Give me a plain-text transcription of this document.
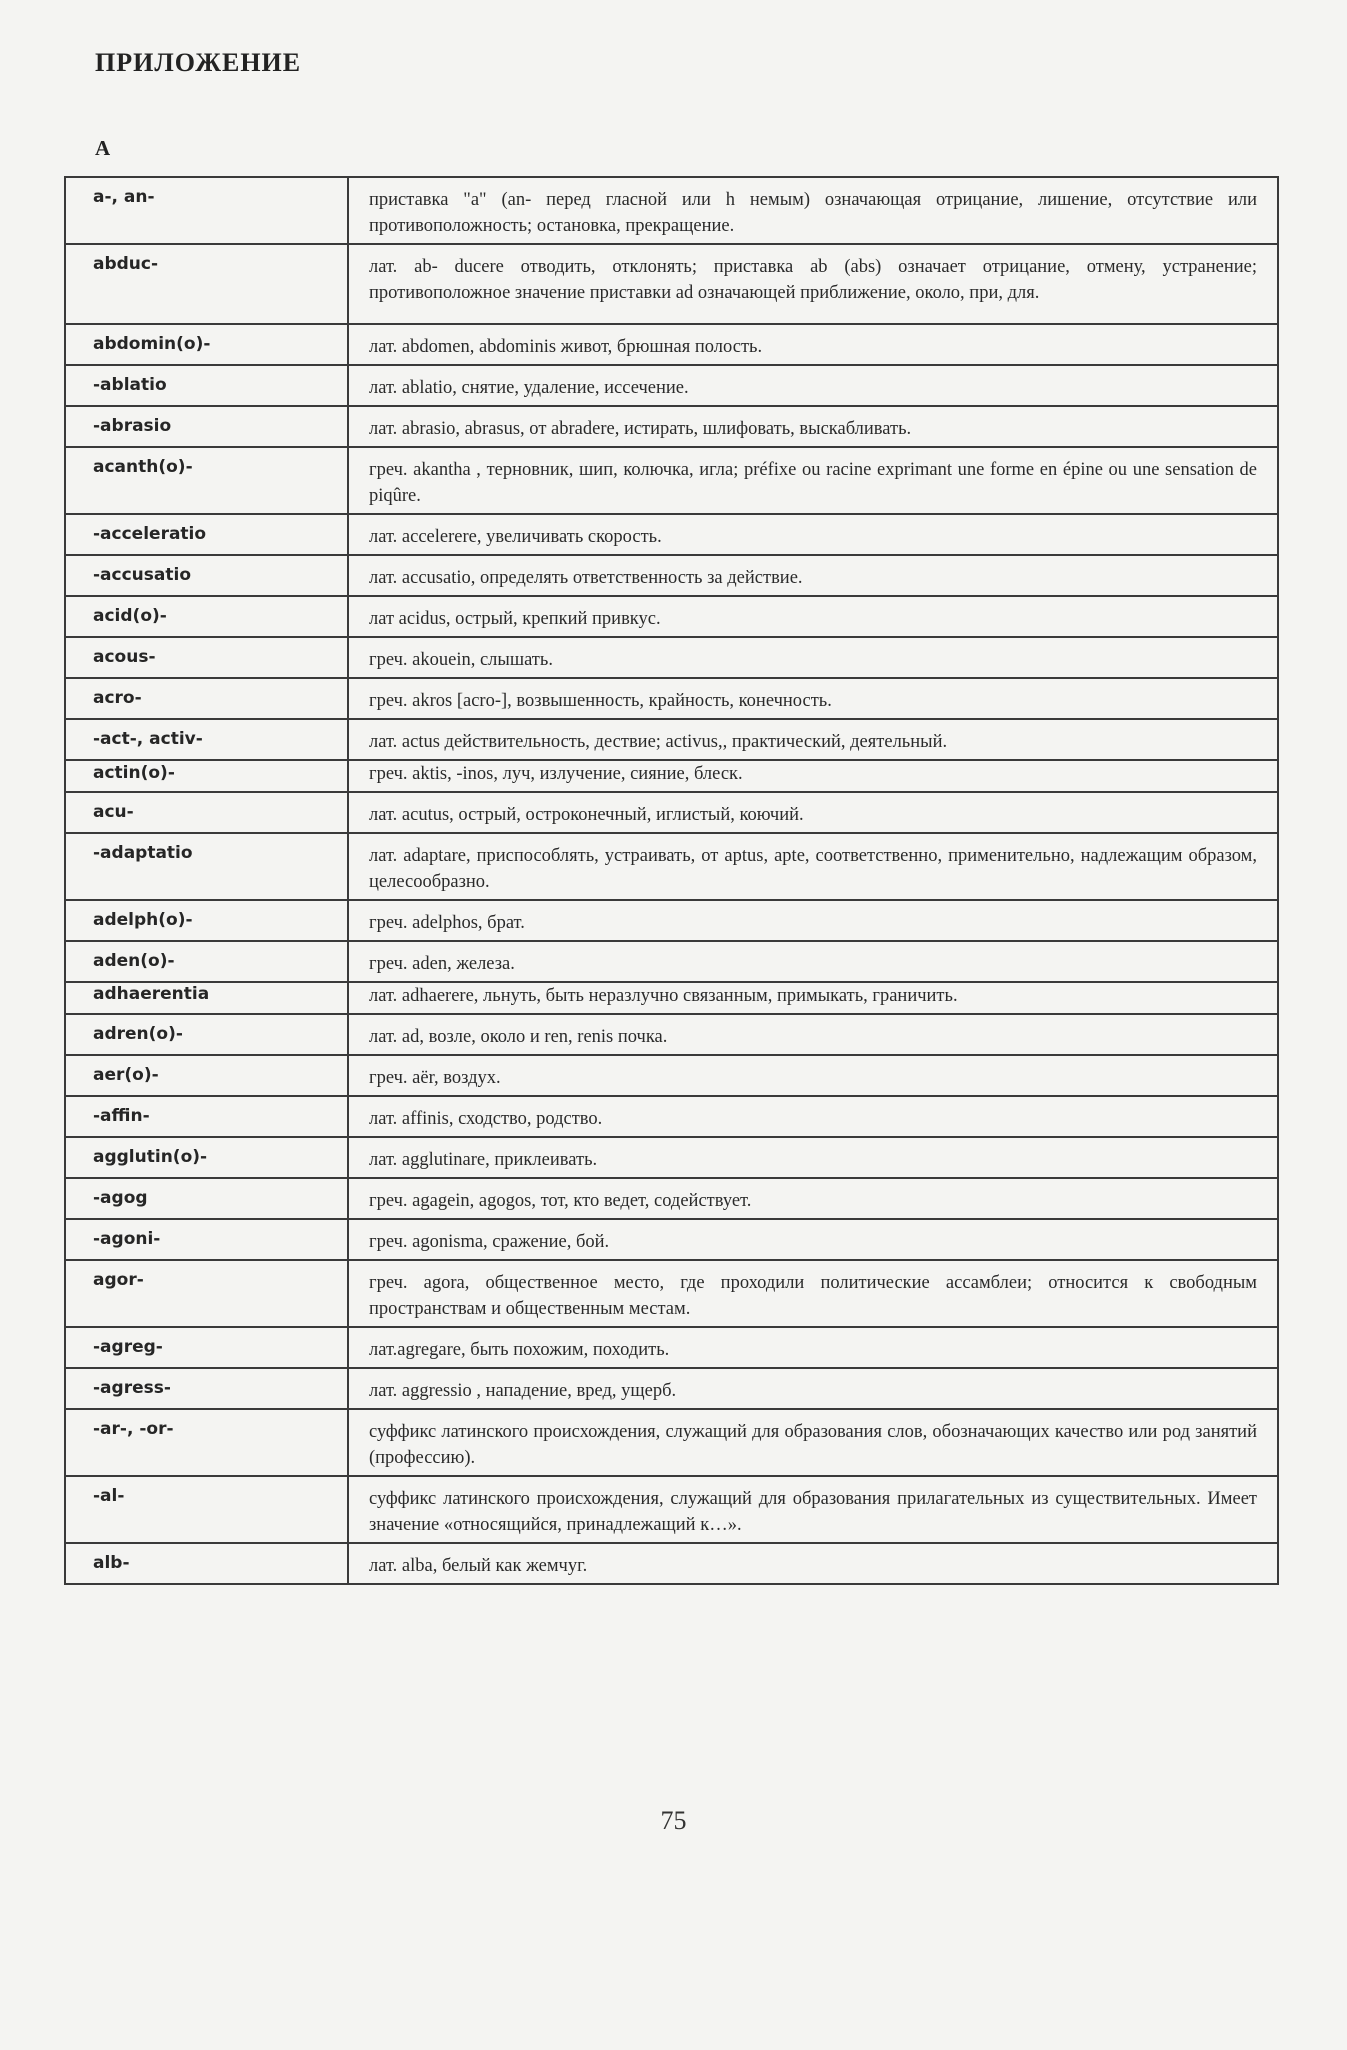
ПРИЛОЖЕНИЕ
А
a-, an-	приставка "а" (an- перед гласной или h немым) означающая отрицание, лишение, отсутствие или противоположность; остановка, прекращение.
abduc-	лат. ab- ducere отводить, отклонять; приставка ab (abs) означает отрицание, отмену, устранение; противоположное значение приставки ad означающей приближение, около, при, для.
abdomin(o)-	лат. abdomen, abdominis живот, брюшная полость.
-ablatio	лат. ablatio, снятие, удаление, иссечение.
-abrasio	лат. abrasio, abrasus, от abradere, истирать, шлифовать, выскабливать.
acanth(o)-	греч. akantha , терновник, шип, колючка, игла; préfixe ou racine exprimant une forme en épine ou une sensation de piqûre.
-acceleratio	лат. accelerere, увеличивать скорость.
-accusatio	лат. accusatio, определять ответственность за действие.
acid(o)-	лат acidus, острый, крепкий привкус.
acous-	греч. akouein, слышать.
acro-	греч. akros [acro-], возвышенность, крайность, конечность.
-act-, activ-	лат. actus действительность, дествие; activus,, практический, деятельный.
actin(o)-	греч. aktis, -inos, луч, излучение, сияние, блеск.
acu-	лат. acutus, острый, остроконечный, иглистый, коючий.
-adaptatio	лат. adaptare, приспособлять, устраивать, от aptus, apte, соответственно, применительно, надлежащим образом, целесообразно.
adelph(o)-	греч. adelphos, брат.
aden(o)-	греч. aden, железа.
adhaerentia	лат. adhaerere, льнуть, быть неразлучно связанным, примыкать, граничить.
adren(o)-	лат. ad, возле, около и ren, renis почка.
aer(o)-	греч. aër, воздух.
-affin-	лат. affinis, сходство, родство.
agglutin(o)-	лат. agglutinare, приклеивать.
-agog	греч. agagein, agogos, тот, кто ведет, содействует.
-agoni-	греч. agonisma, сражение, бой.
agor-	греч. agora, общественное место, где проходили политические ассамблеи; относится к свободным пространствам и общественным местам.
-agreg-	лат.agregare, быть похожим, походить.
-agress-	лат. aggressio , нападение, вред, ущерб.
-ar-, -or-	суффикс латинского происхождения, служащий для образования слов, обозначающих качество или род занятий (профессию).
-al-	суффикс латинского происхождения, служащий для образования прилагательных из существительных. Имеет значение «относящийся, принадлежащий к…».
alb-	лат. alba, белый как жемчуг.
75
